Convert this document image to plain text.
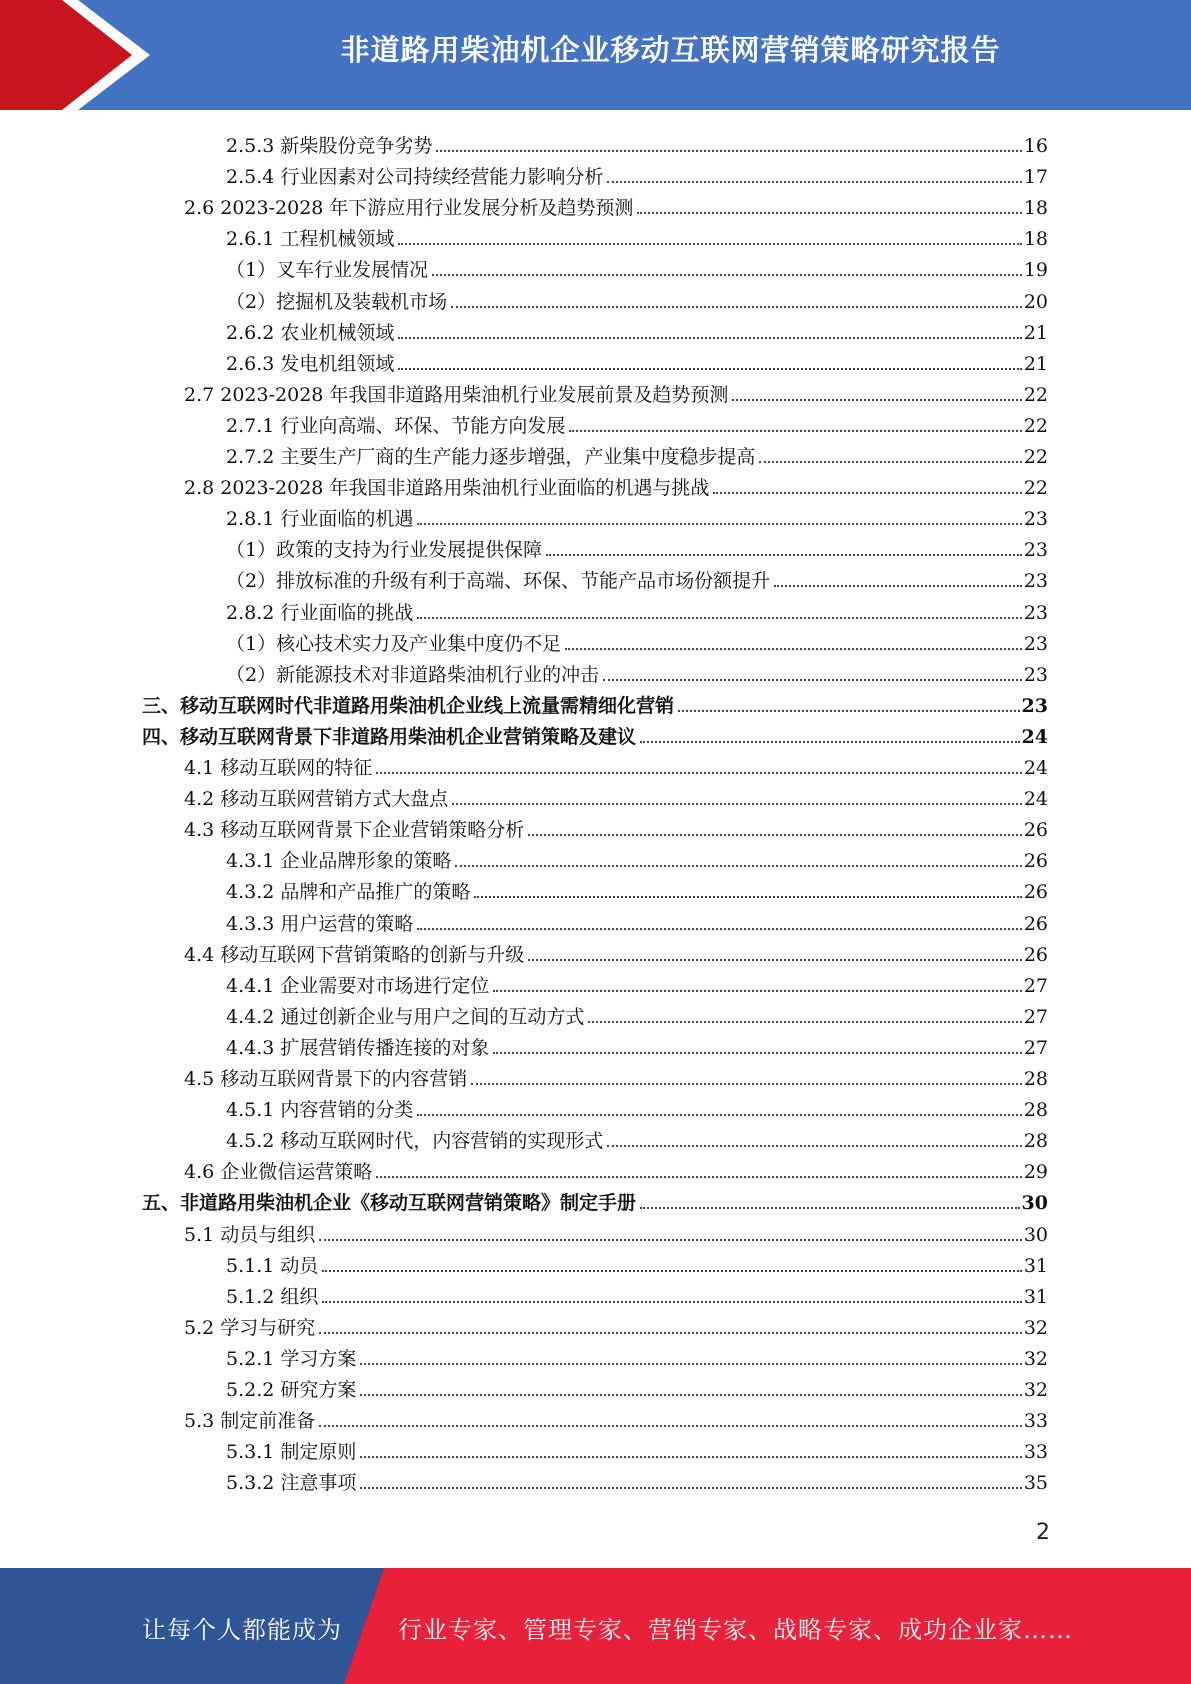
非道路用柴油机企业移动互联网营销策略研究报告
2.5.3 新柴股份竞争劣势	16
2.5.4 行业因素对公司持续经营能力影响分析	17
2.6 2023-2028 年下游应用行业发展分析及趋势预测	18
2.6.1 工程机械领域	18
（1）叉车行业发展情况	19
（2）挖掘机及装载机市场	20
2.6.2 农业机械领域	21
2.6.3 发电机组领域	21
2.7 2023-2028 年我国非道路用柴油机行业发展前景及趋势预测	22
2.7.1 行业向高端、环保、节能方向发展	22
2.7.2 主要生产厂商的生产能力逐步增强，产业集中度稳步提高	22
2.8 2023-2028 年我国非道路用柴油机行业面临的机遇与挑战	22
2.8.1 行业面临的机遇	23
（1）政策的支持为行业发展提供保障	23
（2）排放标准的升级有利于高端、环保、节能产品市场份额提升	23
2.8.2 行业面临的挑战	23
（1）核心技术实力及产业集中度仍不足	23
（2）新能源技术对非道路柴油机行业的冲击	23
三、移动互联网时代非道路用柴油机企业线上流量需精细化营销	23
四、移动互联网背景下非道路用柴油机企业营销策略及建议	24
4.1 移动互联网的特征	24
4.2 移动互联网营销方式大盘点	24
4.3 移动互联网背景下企业营销策略分析	26
4.3.1 企业品牌形象的策略	26
4.3.2 品牌和产品推广的策略	26
4.3.3 用户运营的策略	26
4.4 移动互联网下营销策略的创新与升级	26
4.4.1 企业需要对市场进行定位	27
4.4.2 通过创新企业与用户之间的互动方式	27
4.4.3 扩展营销传播连接的对象	27
4.5 移动互联网背景下的内容营销	28
4.5.1 内容营销的分类	28
4.5.2 移动互联网时代，内容营销的实现形式	28
4.6 企业微信运营策略	29
五、非道路用柴油机企业《移动互联网营销策略》制定手册	30
5.1 动员与组织	30
5.1.1 动员	31
5.1.2 组织	31
5.2 学习与研究	32
5.2.1 学习方案	32
5.2.2 研究方案	32
5.3 制定前准备	33
5.3.1 制定原则	33
5.3.2 注意事项	35
2
让每个人都能成为 行业专家、管理专家、营销专家、战略专家、成功企业家……
